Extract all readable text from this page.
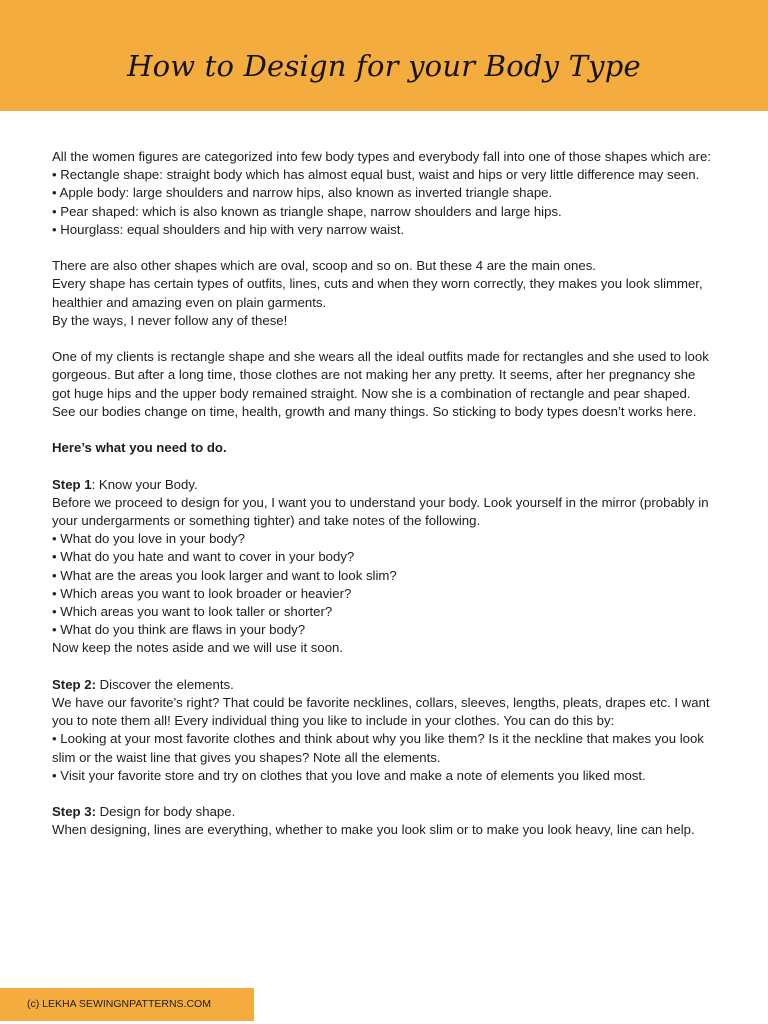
How to Design for your Body Type

All the women figures are categorized into few body types and everybody fall into one of those shapes which are:
• Rectangle shape: straight body which has almost equal bust, waist and hips or very little difference may seen.
• Apple body: large shoulders and narrow hips, also known as inverted triangle shape.
• Pear shaped: which is also known as triangle shape, narrow shoulders and large hips.
• Hourglass: equal shoulders and hip with very narrow waist.

There are also other shapes which are oval, scoop and so on. But these 4 are the main ones.
Every shape has certain types of outfits, lines, cuts and when they worn correctly, they makes you look slimmer, healthier and amazing even on plain garments.
By the ways, I never follow any of these!

One of my clients is rectangle shape and she wears all the ideal outfits made for rectangles and she used to look gorgeous. But after a long time, those clothes are not making her any pretty. It seems, after her pregnancy she got huge hips and the upper body remained straight. Now she is a combination of rectangle and pear shaped. See our bodies change on time, health, growth and many things. So sticking to body types doesn’t works here.

Here’s what you need to do.

Step 1: Know your Body.
Before we proceed to design for you, I want you to understand your body. Look yourself in the mirror (probably in your undergarments or something tighter) and take notes of the following.
• What do you love in your body?
• What do you hate and want to cover in your body?
• What are the areas you look larger and want to look slim?
• Which areas you want to look broader or heavier?
• Which areas you want to look taller or shorter?
• What do you think are flaws in your body?
Now keep the notes aside and we will use it soon.

Step 2: Discover the elements.
We have our favorite’s right? That could be favorite necklines, collars, sleeves, lengths, pleats, drapes etc. I want you to note them all! Every individual thing you like to include in your clothes. You can do this by:
• Looking at your most favorite clothes and think about why you like them? Is it the neckline that makes you look slim or the waist line that gives you shapes? Note all the elements.
• Visit your favorite store and try on clothes that you love and make a note of elements you liked most.

Step 3: Design for body shape.
When designing, lines are everything, whether to make you look slim or to make you look heavy, line can help.

(c) LEKHA SEWINGNPATTERNS.COM
